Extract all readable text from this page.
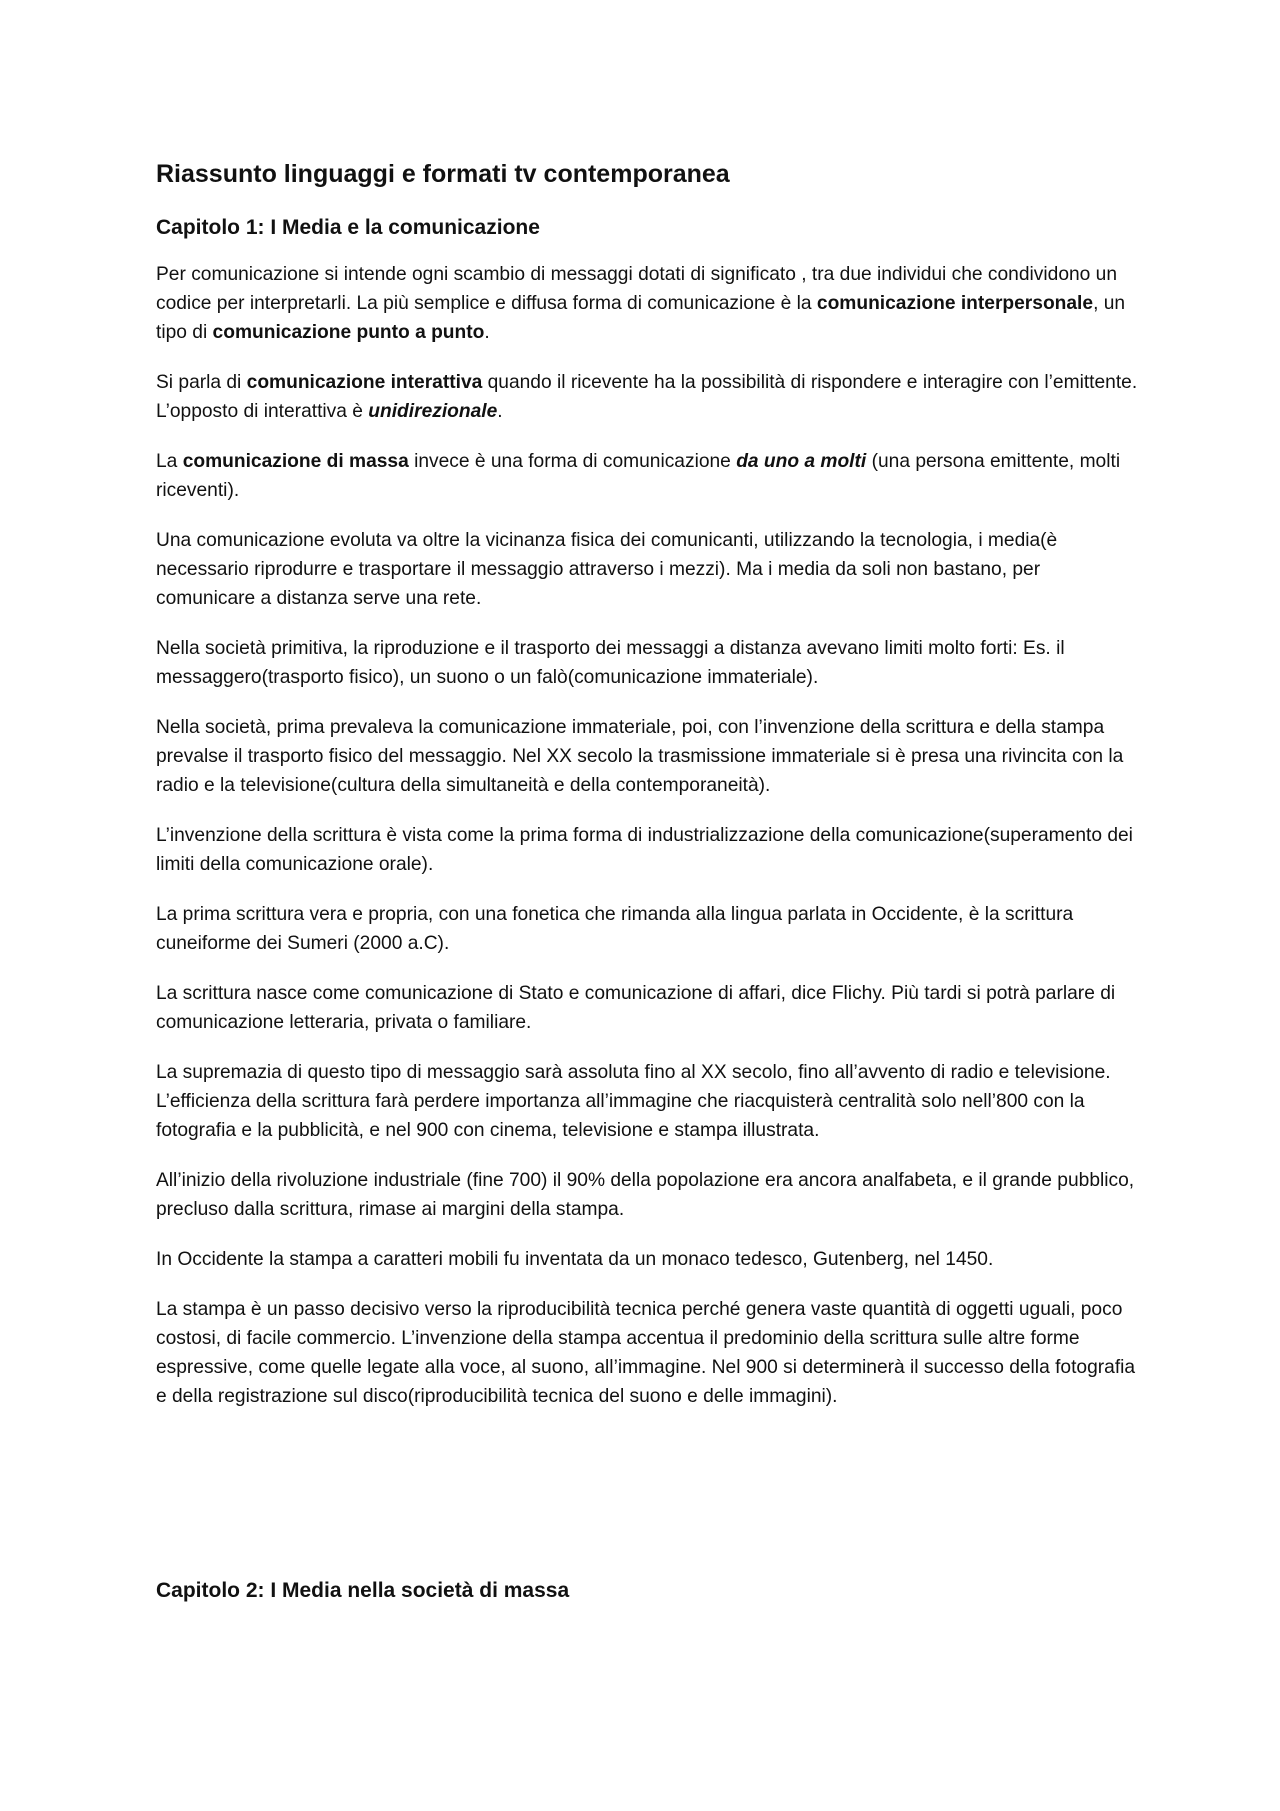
Riassunto linguaggi e formati tv contemporanea
Capitolo 1: I Media e la comunicazione

Per comunicazione si intende ogni scambio di messaggi dotati di significato , tra due individui che condividono un codice per interpretarli. La più semplice e diffusa forma di comunicazione è la comunicazione interpersonale, un tipo di comunicazione punto a punto.

Si parla di comunicazione interattiva quando il ricevente ha la possibilità di rispondere e interagire con l’emittente. L’opposto di interattiva è unidirezionale.

La comunicazione di massa invece è una forma di comunicazione da uno a molti (una persona emittente, molti riceventi).

Una comunicazione evoluta va oltre la vicinanza fisica dei comunicanti, utilizzando la tecnologia, i media(è necessario riprodurre e trasportare il messaggio attraverso i mezzi). Ma i media da soli non bastano, per comunicare a distanza serve una rete.

Nella società primitiva, la riproduzione e il trasporto dei messaggi a distanza avevano limiti molto forti: Es. il messaggero(trasporto fisico), un suono o un falò(comunicazione immateriale).

Nella società, prima prevaleva la comunicazione immateriale, poi, con l’invenzione della scrittura e della stampa prevalse il trasporto fisico del messaggio. Nel XX secolo la trasmissione immateriale si è presa una rivincita con la radio e la televisione(cultura della simultaneità e della contemporaneità).

L’invenzione della scrittura è vista come la prima forma di industrializzazione della comunicazione(superamento dei limiti della comunicazione orale).

La prima scrittura vera e propria, con una fonetica che rimanda alla lingua parlata in Occidente, è la scrittura cuneiforme dei Sumeri (2000 a.C).

La scrittura nasce come comunicazione di Stato e comunicazione di affari, dice Flichy. Più tardi si potrà parlare di comunicazione letteraria, privata o familiare.

La supremazia di questo tipo di messaggio sarà assoluta fino al XX secolo, fino all’avvento di radio e televisione. L’efficienza della scrittura farà perdere importanza all’immagine che riacquisterà centralità solo nell’800 con la fotografia e la pubblicità, e nel 900 con cinema, televisione e stampa illustrata.

All’inizio della rivoluzione industriale (fine 700) il 90% della popolazione era ancora analfabeta, e il grande pubblico, precluso dalla scrittura, rimase ai margini della stampa.

In Occidente la stampa a caratteri mobili fu inventata da un monaco tedesco, Gutenberg, nel 1450.

La stampa è un passo decisivo verso la riproducibilità tecnica perché genera vaste quantità di oggetti uguali, poco costosi, di facile commercio. L’invenzione della stampa accentua il predominio della scrittura sulle altre forme espressive, come quelle legate alla voce, al suono, all’immagine. Nel 900 si determinerà il successo della fotografia e della registrazione sul disco(riproducibilità tecnica del suono e delle immagini).

Capitolo 2: I Media nella società di massa
